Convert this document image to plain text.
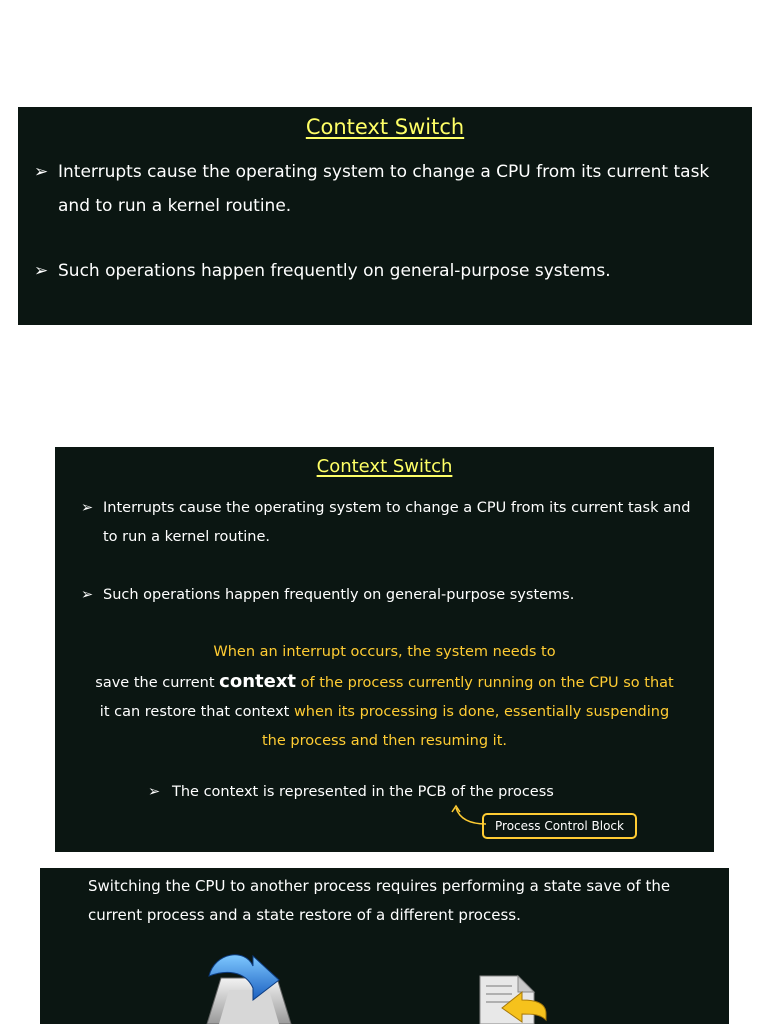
Context Switch
➢ Interrupts cause the operating system to change a CPU from its current task and to run a kernel routine.
➢ Such operations happen frequently on general-purpose systems.
Context Switch
➢ Interrupts cause the operating system to change a CPU from its current task and to run a kernel routine.
➢ Such operations happen frequently on general-purpose systems.
When an interrupt occurs, the system needs to
save the current context of the process currently running on the CPU so that
it can restore that context when its processing is done, essentially suspending
the process and then resuming it.
➢ The context is represented in the PCB of the process
Process Control Block
Switching the CPU to another process requires performing a state save of the current process and a state restore of a different process.
